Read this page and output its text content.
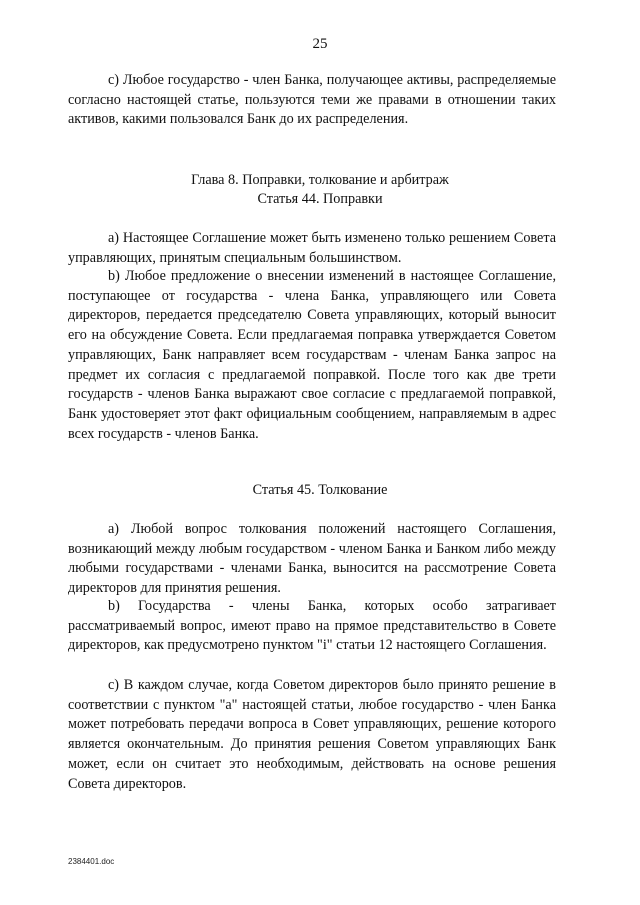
25
c) Любое государство - член Банка, получающее активы, распределяемые согласно настоящей статье, пользуются теми же правами в отношении таких активов, какими пользовался Банк до их распределения.
Глава 8. Поправки, толкование и арбитраж
Статья 44. Поправки
a) Настоящее Соглашение может быть изменено только решением Совета управляющих, принятым специальным большинством.
b) Любое предложение о внесении изменений в настоящее Соглашение, поступающее от государства - члена Банка, управляющего или Совета директоров, передается председателю Совета управляющих, который выносит его на обсуждение Совета. Если предлагаемая поправка утверждается Советом управляющих, Банк направляет всем государствам - членам Банка запрос на предмет их согласия с предлагаемой поправкой. После того как две трети государств - членов Банка выражают свое согласие с предлагаемой поправкой, Банк удостоверяет этот факт официальным сообщением, направляемым в адрес всех государств - членов Банка.
Статья 45. Толкование
a) Любой вопрос толкования положений настоящего Соглашения, возникающий между любым государством - членом Банка и Банком либо между любыми государствами - членами Банка, выносится на рассмотрение Совета директоров для принятия решения.
b) Государства - члены Банка, которых особо затрагивает рассматриваемый вопрос, имеют право на прямое представительство в Совете директоров, как предусмотрено пунктом "i" статьи 12 настоящего Соглашения.
c) В каждом случае, когда Советом директоров было принято решение в соответствии с пунктом "a" настоящей статьи, любое государство - член Банка может потребовать передачи вопроса в Совет управляющих, решение которого является окончательным. До принятия решения Советом управляющих Банк может, если он считает это необходимым, действовать на основе решения Совета директоров.
2384401.doc
